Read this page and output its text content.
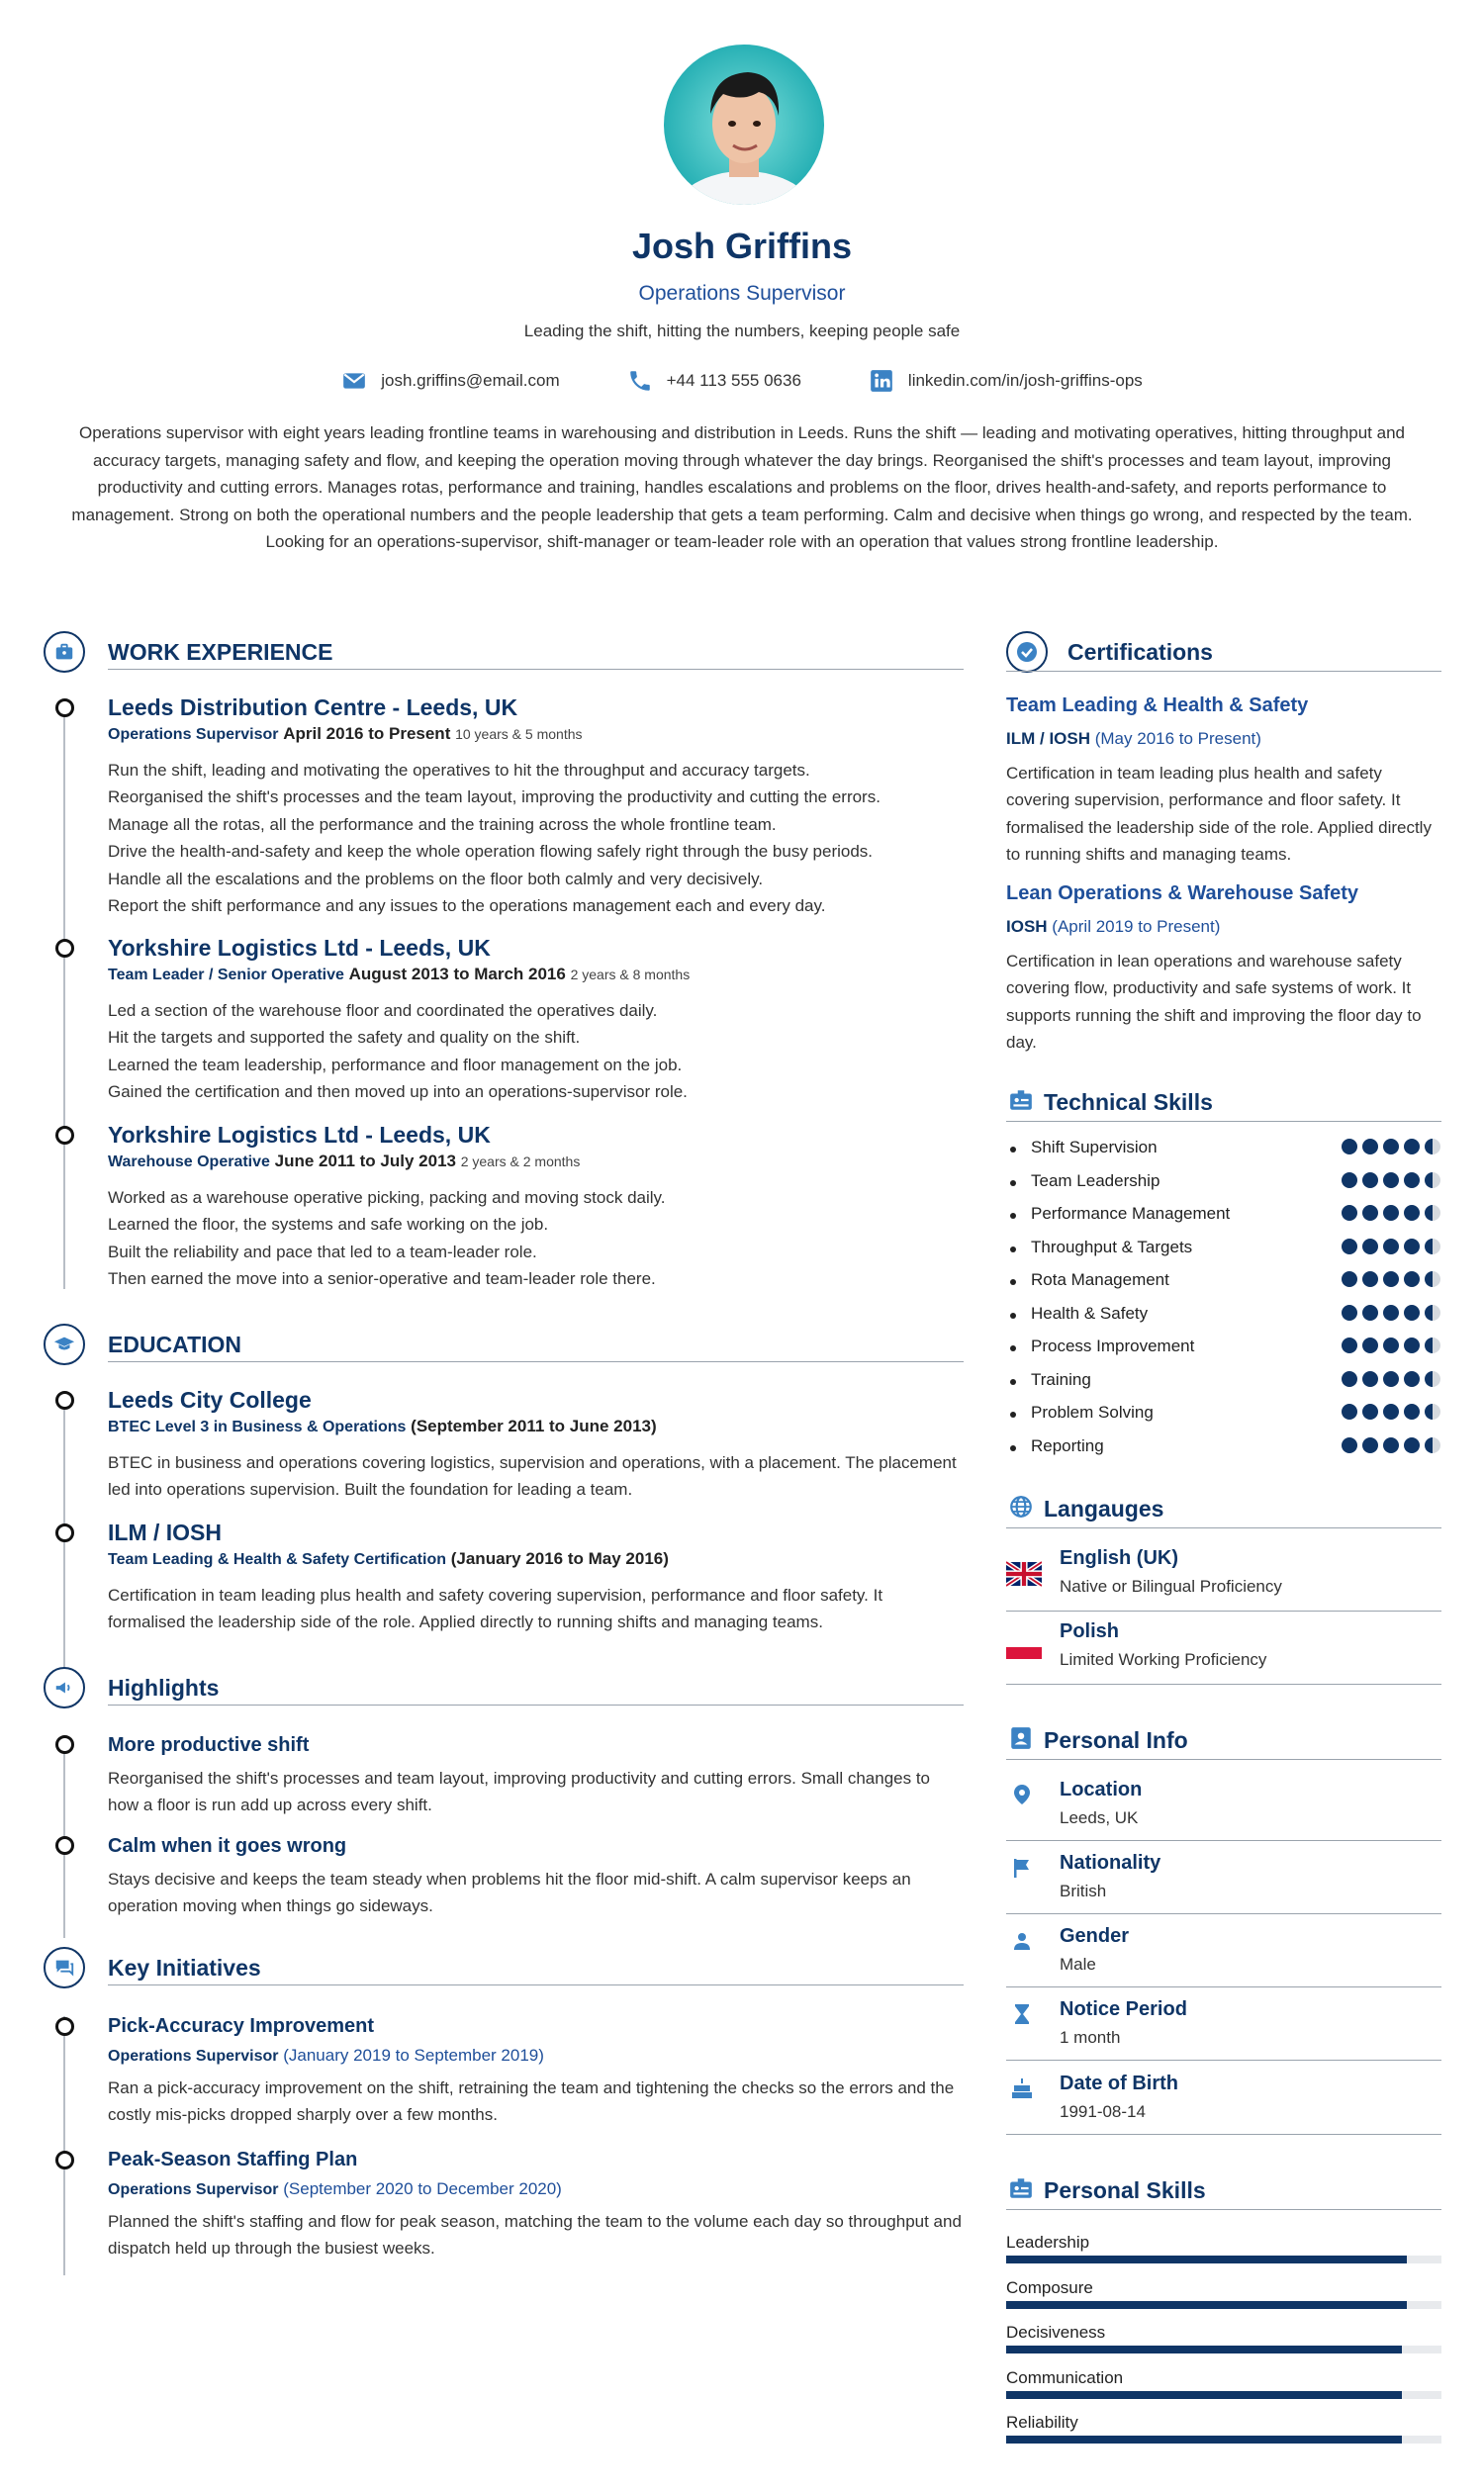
Josh Griffins
Operations Supervisor
Leading the shift, hitting the numbers, keeping people safe
josh.griffins@email.com	+44 113 555 0636	linkedin.com/in/josh-griffins-ops
Operations supervisor with eight years leading frontline teams in warehousing and distribution in Leeds. Runs the shift — leading and motivating operatives, hitting throughput and accuracy targets, managing safety and flow, and keeping the operation moving through whatever the day brings. Reorganised the shift's processes and team layout, improving productivity and cutting errors. Manages rotas, performance and training, handles escalations and problems on the floor, drives health-and-safety, and reports performance to management. Strong on both the operational numbers and the people leadership that gets a team performing. Calm and decisive when things go wrong, and respected by the team. Looking for an operations-supervisor, shift-manager or team-leader role with an operation that values strong frontline leadership.
WORK EXPERIENCE
Leeds Distribution Centre - Leeds, UK
Operations Supervisor April 2016 to Present 10 years & 5 months
Run the shift, leading and motivating the operatives to hit the throughput and accuracy targets.
Reorganised the shift's processes and the team layout, improving the productivity and cutting the errors.
Manage all the rotas, all the performance and the training across the whole frontline team.
Drive the health-and-safety and keep the whole operation flowing safely right through the busy periods.
Handle all the escalations and the problems on the floor both calmly and very decisively.
Report the shift performance and any issues to the operations management each and every day.
Yorkshire Logistics Ltd - Leeds, UK
Team Leader / Senior Operative August 2013 to March 2016 2 years & 8 months
Led a section of the warehouse floor and coordinated the operatives daily.
Hit the targets and supported the safety and quality on the shift.
Learned the team leadership, performance and floor management on the job.
Gained the certification and then moved up into an operations-supervisor role.
Yorkshire Logistics Ltd - Leeds, UK
Warehouse Operative June 2011 to July 2013 2 years & 2 months
Worked as a warehouse operative picking, packing and moving stock daily.
Learned the floor, the systems and safe working on the job.
Built the reliability and pace that led to a team-leader role.
Then earned the move into a senior-operative and team-leader role there.
EDUCATION
Leeds City College
BTEC Level 3 in Business & Operations (September 2011 to June 2013)
BTEC in business and operations covering logistics, supervision and operations, with a placement. The placement led into operations supervision. Built the foundation for leading a team.
ILM / IOSH
Team Leading & Health & Safety Certification (January 2016 to May 2016)
Certification in team leading plus health and safety covering supervision, performance and floor safety. It formalised the leadership side of the role. Applied directly to running shifts and managing teams.
Highlights
More productive shift
Reorganised the shift's processes and team layout, improving productivity and cutting errors. Small changes to how a floor is run add up across every shift.
Calm when it goes wrong
Stays decisive and keeps the team steady when problems hit the floor mid-shift. A calm supervisor keeps an operation moving when things go sideways.
Key Initiatives
Pick-Accuracy Improvement
Operations Supervisor (January 2019 to September 2019)
Ran a pick-accuracy improvement on the shift, retraining the team and tightening the checks so the errors and the costly mis-picks dropped sharply over a few months.
Peak-Season Staffing Plan
Operations Supervisor (September 2020 to December 2020)
Planned the shift's staffing and flow for peak season, matching the team to the volume each day so throughput and dispatch held up through the busiest weeks.
Certifications
Team Leading & Health & Safety
ILM / IOSH (May 2016 to Present)
Certification in team leading plus health and safety covering supervision, performance and floor safety. It formalised the leadership side of the role. Applied directly to running shifts and managing teams.
Lean Operations & Warehouse Safety
IOSH (April 2019 to Present)
Certification in lean operations and warehouse safety covering flow, productivity and safe systems of work. It supports running the shift and improving the floor day to day.
Technical Skills
Shift Supervision
Team Leadership
Performance Management
Throughput & Targets
Rota Management
Health & Safety
Process Improvement
Training
Problem Solving
Reporting
Langauges
English (UK)
Native or Bilingual Proficiency
Polish
Limited Working Proficiency
Personal Info
Location
Leeds, UK
Nationality
British
Gender
Male
Notice Period
1 month
Date of Birth
1991-08-14
Personal Skills
Leadership
Composure
Decisiveness
Communication
Reliability
